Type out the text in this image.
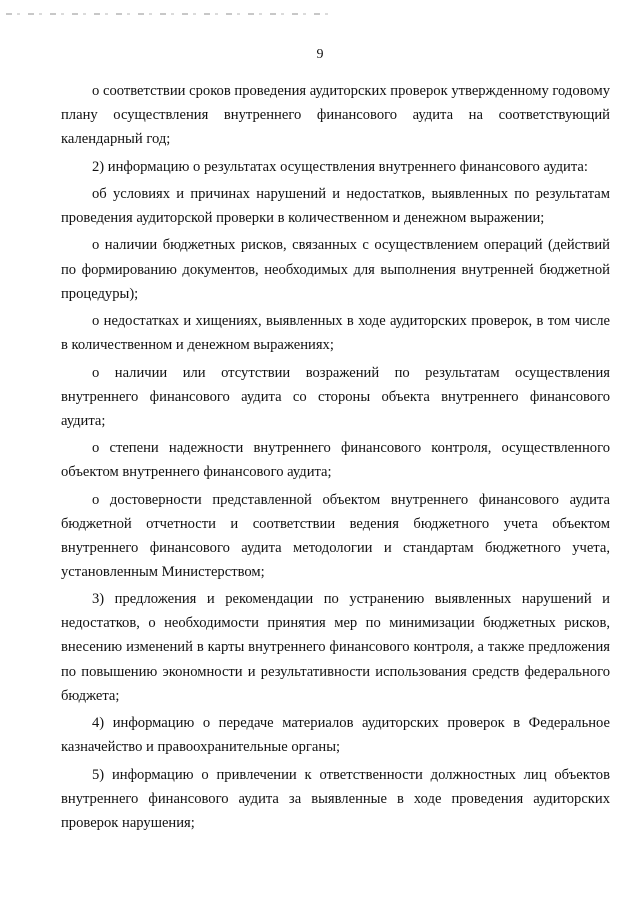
9

о соответствии сроков проведения аудиторских проверок утвержденному годовому плану осуществления внутреннего финансового аудита на соответствующий календарный год;

2) информацию о результатах осуществления внутреннего финансового аудита:

об условиях и причинах нарушений и недостатков, выявленных по результатам проведения аудиторской проверки в количественном и денежном выражении;

о наличии бюджетных рисков, связанных с осуществлением операций (действий по формированию документов, необходимых для выполнения внутренней бюджетной процедуры);

о недостатках и хищениях, выявленных в ходе аудиторских проверок, в том числе в количественном и денежном выражениях;

о наличии или отсутствии возражений по результатам осуществления внутреннего финансового аудита со стороны объекта внутреннего финансового аудита;

о степени надежности внутреннего финансового контроля, осуществленного объектом внутреннего финансового аудита;

о достоверности представленной объектом внутреннего финансового аудита бюджетной отчетности и соответствии ведения бюджетного учета объектом внутреннего финансового аудита методологии и стандартам бюджетного учета, установленным Министерством;

3) предложения и рекомендации по устранению выявленных нарушений и недостатков, о необходимости принятия мер по минимизации бюджетных рисков, внесению изменений в карты внутреннего финансового контроля, а также предложения по повышению экономности и результативности использования средств федерального бюджета;

4) информацию о передаче материалов аудиторских проверок в Федеральное казначейство и правоохранительные органы;

5) информацию о привлечении к ответственности должностных лиц объектов внутреннего финансового аудита за выявленные в ходе проведения аудиторских проверок нарушения;
